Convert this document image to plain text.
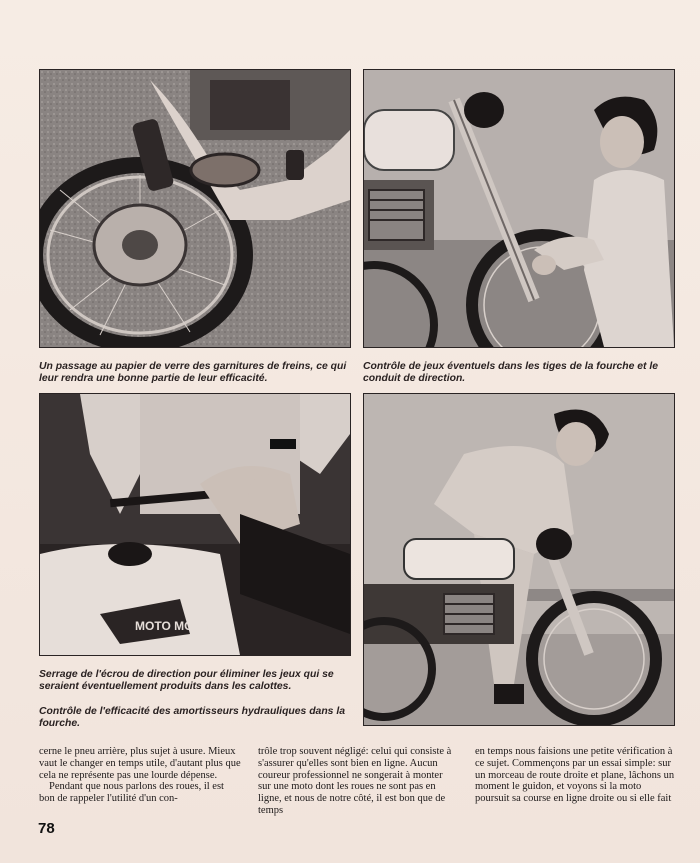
Un passage au papier de verre des garnitures de freins, ce qui leur rendra une bonne partie de leur efficacité.

Contrôle de jeux éventuels dans les tiges de la fourche et le conduit de direction.

MOTO MORINI

Serrage de l'écrou de direction pour éliminer les jeux qui se seraient éventuellement produits dans les calottes.

Contrôle de l'efficacité des amortisseurs hydrauliques dans la fourche.

cerne le pneu arrière, plus sujet à usure. Mieux vaut le changer en temps utile, d'autant plus que cela ne représente pas une lourde dépense.

Pendant que nous parlons des roues, il est bon de rappeler l'utilité d'un con-

trôle trop souvent négligé: celui qui consiste à s'assurer qu'elles sont bien en ligne. Aucun coureur professionnel ne songerait à monter sur une moto dont les roues ne sont pas en ligne, et nous de notre côté, il est bon que de temps

en temps nous faisions une petite vérification à ce sujet. Commençons par un essai simple: sur un morceau de route droite et plane, lâchons un moment le guidon, et voyons si la moto poursuit sa course en ligne droite ou si elle fait

78
